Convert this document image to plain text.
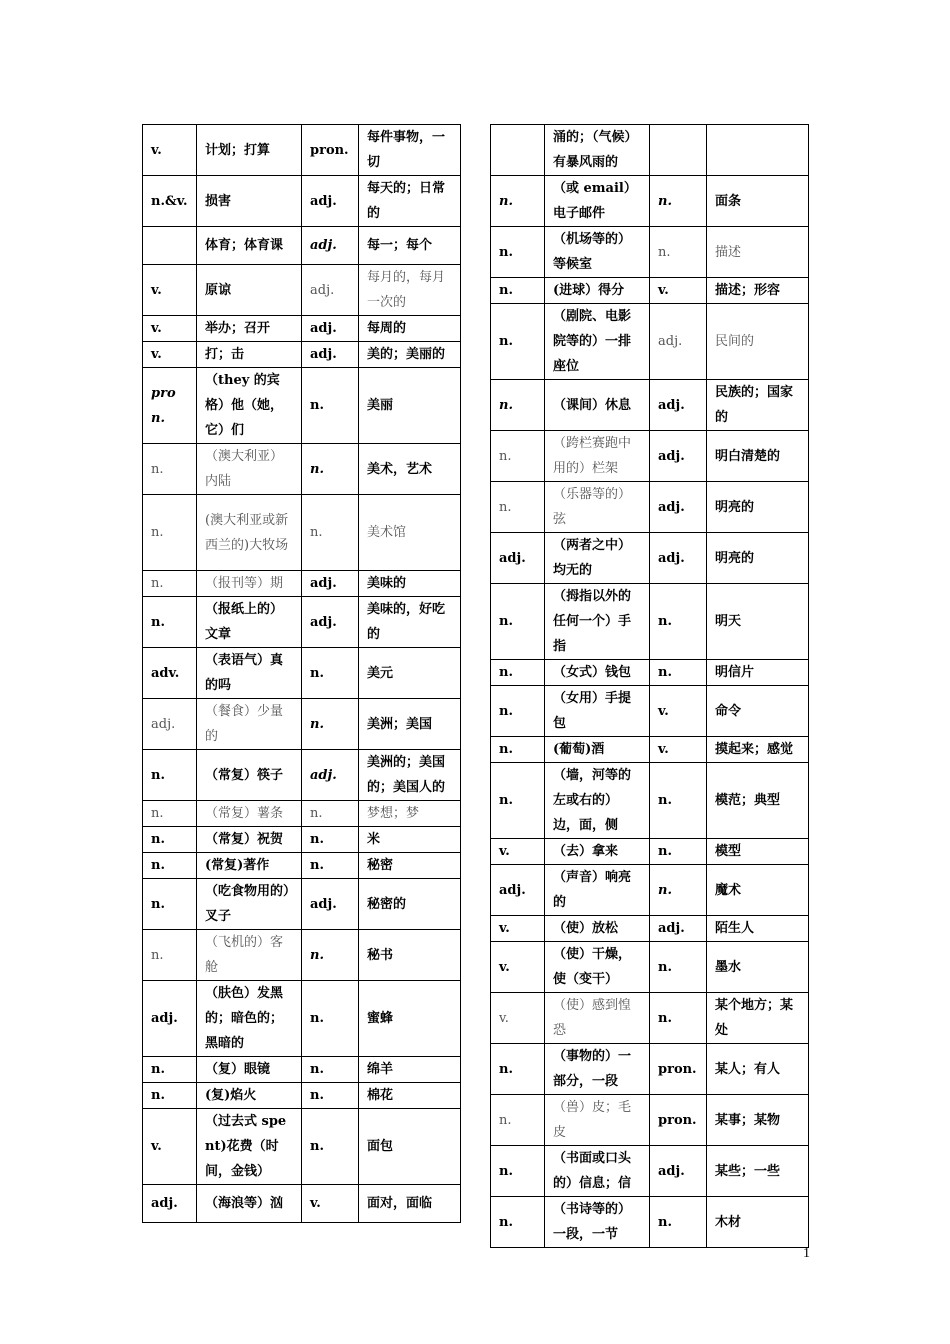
v.	计划；打算	pron.	每件事物，一切
n.&v.	损害	adj.	每天的；日常的
	体育；体育课	adj.	每一；每个
v.	原谅	adj.	每月的，每月一次的
v.	举办；召开	adj.	每周的
v.	打；击	adj.	美的；美丽的
pron.	（they 的宾格）他（她，它）们	n.	美丽
n.	（澳大利亚）内陆	n.	美术，艺术
n.	(澳大利亚或新西兰的)大牧场	n.	美术馆
n.	（报刊等）期	adj.	美味的
n.	（报纸上的）文章	adj.	美味的，好吃的
adv.	（表语气）真的吗	n.	美元
adj.	（餐食）少量的	n.	美洲；美国
n.	（常复）筷子	adj.	美洲的；美国的；美国人的
n.	（常复）薯条	n.	梦想；梦
n.	（常复）祝贺	n.	米
n.	(常复)著作	n.	秘密
n.	（吃食物用的）叉子	adj.	秘密的
n.	（飞机的）客舱	n.	秘书
adj.	（肤色）发黑的；暗色的；黑暗的	n.	蜜蜂
n.	（复）眼镜	n.	绵羊
n.	(复)焰火	n.	棉花
v.	（过去式 spent)花费（时间，金钱）	n.	面包
adj.	（海浪等）汹	v.	面对，面临
	涌的；（气候）有暴风雨的		
n.	（或 email）电子邮件	n.	面条
n.	（机场等的）等候室	n.	描述
n.	(进球）得分	v.	描述；形容
n.	（剧院、电影院等的）一排座位	adj.	民间的
n.	（课间）休息	adj.	民族的；国家的
n.	（跨栏赛跑中用的）栏架	adj.	明白清楚的
n.	（乐器等的）弦	adj.	明亮的
adj.	（两者之中）均无的	adj.	明亮的
n.	（拇指以外的任何一个）手指	n.	明天
n.	（女式）钱包	n.	明信片
n.	（女用）手提包	v.	命令
n.	(葡萄)酒	v.	摸起来；感觉
n.	（墙，河等的左或右的）边，面，侧	n.	模范；典型
v.	（去）拿来	n.	模型
adj.	（声音）响亮的	n.	魔术
v.	（使）放松	adj.	陌生人
v.	（使）干燥，使（变干）	n.	墨水
v.	（使）感到惶恐	n.	某个地方；某处
n.	（事物的）一部分，一段	pron.	某人；有人
n.	（兽）皮；毛皮	pron.	某事；某物
n.	（书面或口头的）信息；信	adj.	某些；一些
n.	（书诗等的）一段，一节	n.	木材
1
